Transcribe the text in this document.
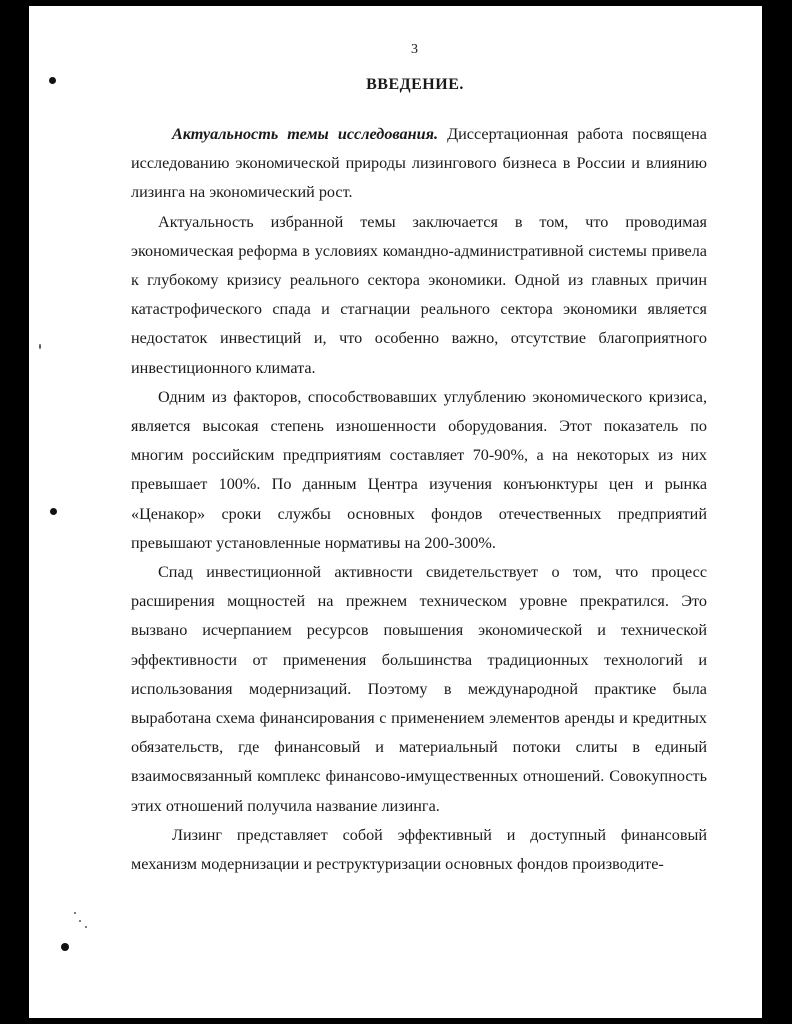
3
ВВЕДЕНИЕ.

Актуальность темы исследования. Диссертационная работа посвящена исследованию экономической природы лизингового бизнеса в России и влиянию лизинга на экономический рост.

Актуальность избранной темы заключается в том, что проводимая экономическая реформа в условиях командно-административной системы привела к глубокому кризису реального сектора экономики. Одной из главных причин катастрофического спада и стагнации реального сектора экономики является недостаток инвестиций и, что особенно важно, отсутствие благоприятного инвестиционного климата.

Одним из факторов, способствовавших углублению экономического кризиса, является высокая степень изношенности оборудования. Этот показатель по многим российским предприятиям составляет 70-90%, а на некоторых из них превышает 100%. По данным Центра изучения конъюнктуры цен и рынка «Ценакор» сроки службы основных фондов отечественных предприятий превышают установленные нормативы на 200-300%.

Спад инвестиционной активности свидетельствует о том, что процесс расширения мощностей на прежнем техническом уровне прекратился. Это вызвано исчерпанием ресурсов повышения экономической и технической эффективности от применения большинства традиционных технологий и использования модернизаций. Поэтому в международной практике была выработана схема финансирования с применением элементов аренды и кредитных обязательств, где финансовый и материальный потоки слиты в единый взаимосвязанный комплекс финансово-имущественных отношений. Совокупность этих отношений получила название лизинга.

Лизинг представляет собой эффективный и доступный финансовый механизм модернизации и реструктуризации основных фондов производите-
